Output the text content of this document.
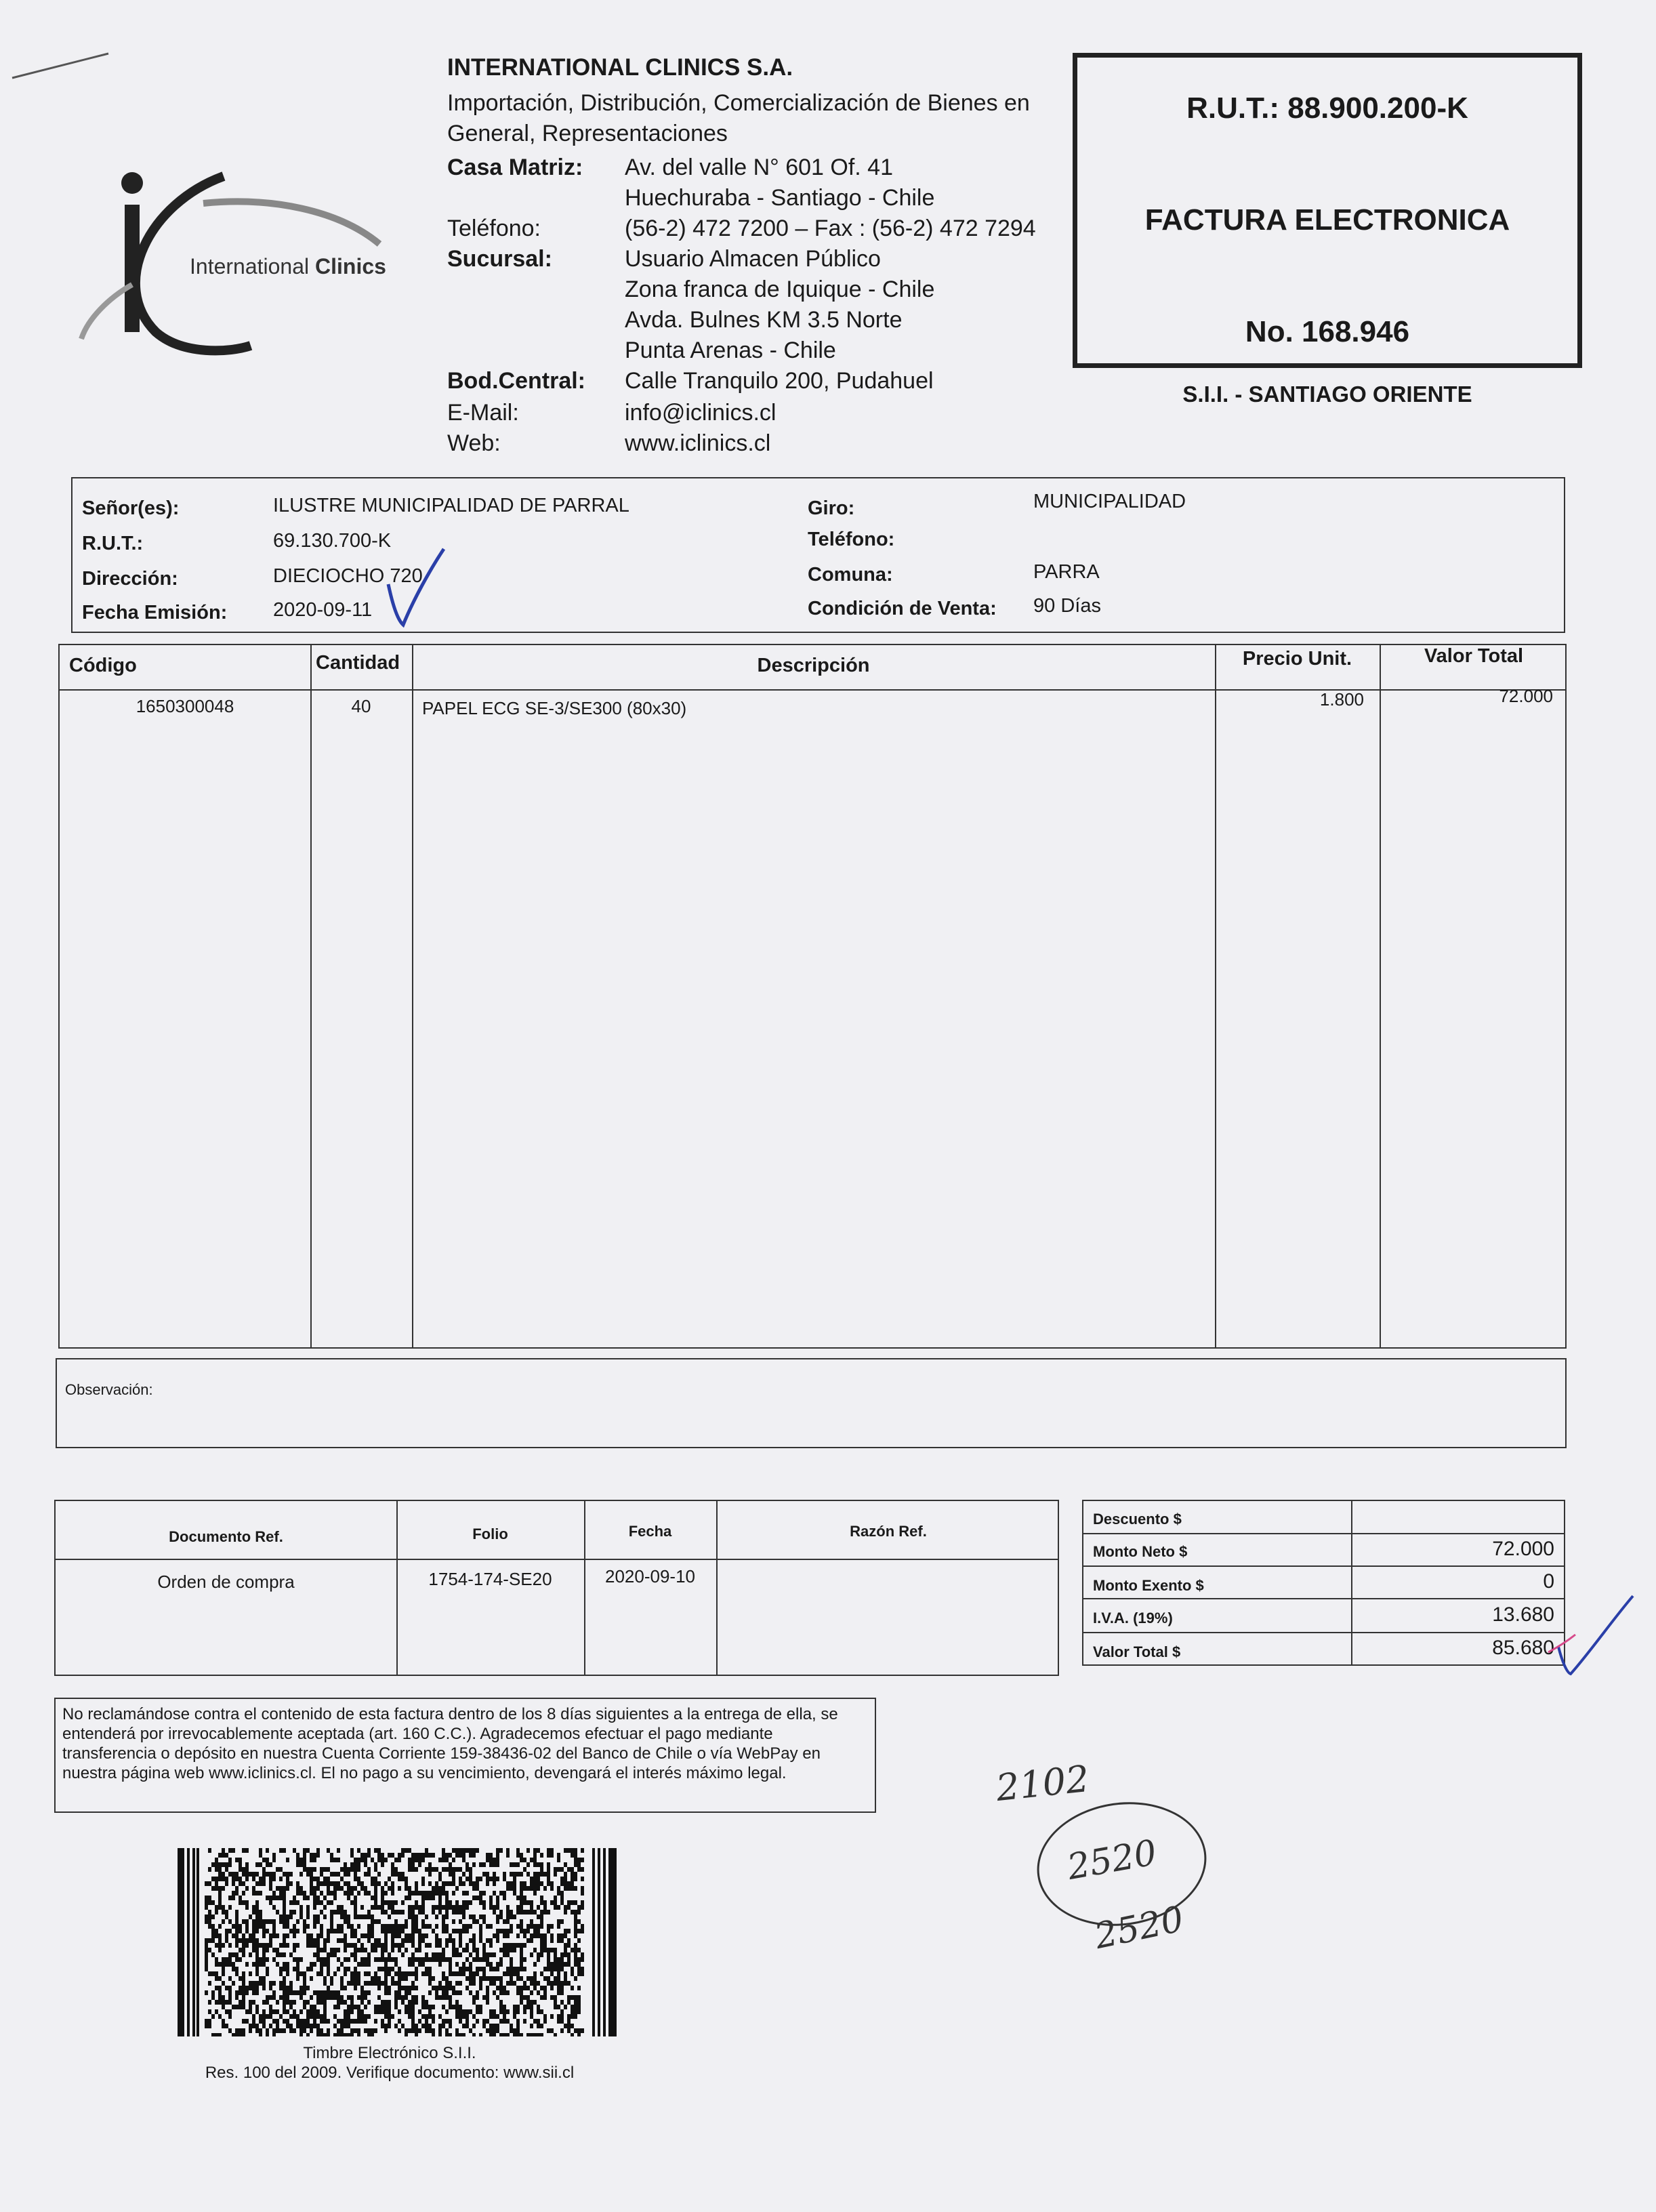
International Clinics
INTERNATIONAL CLINICS S.A.
Importación, Distribución, Comercialización de Bienes en General, Representaciones
Casa Matriz: Av. del valle N° 601 Of. 41
Huechuraba - Santiago - Chile
Teléfono:	(56-2) 472 7200 – Fax : (56-2) 472 7294
Sucursal:	Usuario Almacen Público
Zona franca de Iquique - Chile
Avda. Bulnes KM 3.5 Norte
Punta Arenas - Chile
Bod.Central: Calle Tranquilo 200, Pudahuel
E-Mail:	info@iclinics.cl
Web:	www.iclinics.cl
R.U.T.: 88.900.200-K
FACTURA ELECTRONICA
No. 168.946
S.I.I. - SANTIAGO ORIENTE
Señor(es):	ILUSTRE MUNICIPALIDAD DE PARRAL
R.U.T.:	69.130.700-K
Dirección:	DIECIOCHO 720
Fecha Emisión: 2020-09-11
Giro:	MUNICIPALIDAD
Teléfono:
Comuna:	PARRA
Condición de Venta: 90 Días
Código	Cantidad	Descripción	Precio Unit.	Valor Total
1650300048	40	PAPEL ECG SE-3/SE300 (80x30)	1.800	72.000
Observación:
Documento Ref.	Folio	Fecha	Razón Ref.
Orden de compra	1754-174-SE20	2020-09-10
Descuento $
Monto Neto $	72.000
Monto Exento $	0
I.V.A. (19%)	13.680
Valor Total $	85.680
No reclamándose contra el contenido de esta factura dentro de los 8 días siguientes a la entrega de ella, se entenderá por irrevocablemente aceptada (art. 160 C.C.). Agradecemos efectuar el pago mediante transferencia o depósito en nuestra Cuenta Corriente 159-38436-02 del Banco de Chile o vía WebPay en nuestra página web www.iclinics.cl. El no pago a su vencimiento, devengará el interés máximo legal.
Timbre Electrónico S.I.I.
Res. 100 del 2009. Verifique documento: www.sii.cl
2102
2520
2520
